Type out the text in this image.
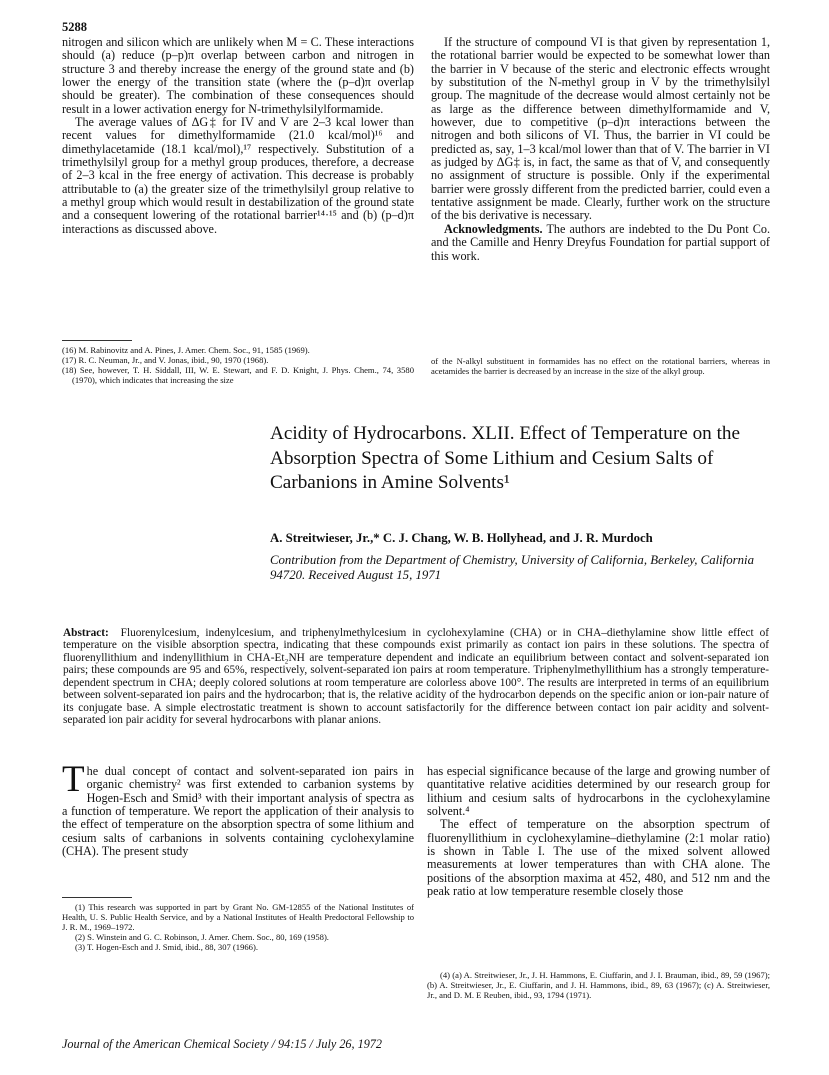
5288

nitrogen and silicon which are unlikely when M = C. These interactions should (a) reduce (p–p)π overlap between carbon and nitrogen in structure 3 and thereby increase the energy of the ground state and (b) lower the energy of the transition state (where the (p–d)π overlap should be greater). The combination of these consequences should result in a lower activation energy for N-trimethylsilylformamide.

The average values of ΔG‡ for IV and V are 2–3 kcal lower than recent values for dimethylformamide (21.0 kcal/mol)¹⁶ and dimethylacetamide (18.1 kcal/mol),¹⁷ respectively. Substitution of a trimethylsilyl group for a methyl group produces, therefore, a decrease of 2–3 kcal in the free energy of activation. This decrease is probably attributable to (a) the greater size of the trimethylsilyl group relative to a methyl group which would result in destabilization of the ground state and a consequent lowering of the rotational barrier¹⁴·¹⁵ and (b) (p–d)π interactions as discussed above.

(16) M. Rabinovitz and A. Pines, J. Amer. Chem. Soc., 91, 1585 (1969).

(17) R. C. Neuman, Jr., and V. Jonas, ibid., 90, 1970 (1968).

(18) See, however, T. H. Siddall, III, W. E. Stewart, and F. D. Knight, J. Phys. Chem., 74, 3580 (1970), which indicates that increasing the size

If the structure of compound VI is that given by representation 1, the rotational barrier would be expected to be somewhat lower than the barrier in V because of the steric and electronic effects wrought by substitution of the N-methyl group in V by the trimethylsilyl group. The magnitude of the decrease would almost certainly not be as large as the difference between dimethylformamide and V, however, due to competitive (p–d)π interactions between the nitrogen and both silicons of VI. Thus, the barrier in VI could be predicted as, say, 1–3 kcal/mol lower than that of V. The barrier in VI as judged by ΔG‡ is, in fact, the same as that of V, and consequently no assignment of structure is possible. Only if the experimental barrier were grossly different from the predicted barrier, could even a tentative assignment be made. Clearly, further work on the structure of the bis derivative is necessary.

Acknowledgments. The authors are indebted to the Du Pont Co. and the Camille and Henry Dreyfus Foundation for partial support of this work.

of the N-alkyl substituent in formamides has no effect on the rotational barriers, whereas in acetamides the barrier is decreased by an increase in the size of the alkyl group.
Acidity of Hydrocarbons. XLII. Effect of Temperature on the Absorption Spectra of Some Lithium and Cesium Salts of Carbanions in Amine Solvents¹
A. Streitwieser, Jr.,* C. J. Chang, W. B. Hollyhead, and J. R. Murdoch
Contribution from the Department of Chemistry, University of California, Berkeley, California 94720. Received August 15, 1971
Abstract: Fluorenylcesium, indenylcesium, and triphenylmethylcesium in cyclohexylamine (CHA) or in CHA–diethylamine show little effect of temperature on the visible absorption spectra, indicating that these compounds exist primarily as contact ion pairs in these solutions. The spectra of fluorenyllithium and indenyllithium in CHA-Et₂NH are temperature dependent and indicate an equilibrium between contact and solvent-separated ion pairs; these compounds are 95 and 65%, respectively, solvent-separated ion pairs at room temperature. Triphenylmethyllithium has a strongly temperature-dependent spectrum in CHA; deeply colored solutions at room temperature are colorless above 100°. The results are interpreted in terms of an equilibrium between solvent-separated ion pairs and the hydrocarbon; that is, the relative acidity of the hydrocarbon depends on the specific anion or ion-pair nature of its conjugate base. A simple electrostatic treatment is shown to account satisfactorily for the difference between contact ion pair acidity and solvent-separated ion pair acidity for several hydrocarbons with planar anions.

The dual concept of contact and solvent-separated ion pairs in organic chemistry² was first extended to carbanion systems by Hogen-Esch and Smid³ with their important analysis of spectra as a function of temperature. We report the application of their analysis to the effect of temperature on the absorption spectra of some lithium and cesium salts of carbanions in solvents containing cyclohexylamine (CHA). The present study

(1) This research was supported in part by Grant No. GM-12855 of the National Institutes of Health, U. S. Public Health Service, and by a National Institutes of Health Predoctoral Fellowship to J. R. M., 1969–1972.

(2) S. Winstein and G. C. Robinson, J. Amer. Chem. Soc., 80, 169 (1958).

(3) T. Hogen-Esch and J. Smid, ibid., 88, 307 (1966).

has especial significance because of the large and growing number of quantitative relative acidities determined by our research group for lithium and cesium salts of hydrocarbons in the cyclohexylamine solvent.⁴

The effect of temperature on the absorption spectrum of fluorenyllithium in cyclohexylamine–diethylamine (2:1 molar ratio) is shown in Table I. The use of the mixed solvent allowed measurements at lower temperatures than with CHA alone. The positions of the absorption maxima at 452, 480, and 512 nm and the peak ratio at low temperature resemble closely those

(4) (a) A. Streitwieser, Jr., J. H. Hammons, E. Ciuffarin, and J. I. Brauman, ibid., 89, 59 (1967); (b) A. Streitwieser, Jr., E. Ciuffarin, and J. H. Hammons, ibid., 89, 63 (1967); (c) A. Streitwieser, Jr., and D. M. E Reuben, ibid., 93, 1794 (1971).

Journal of the American Chemical Society / 94:15 / July 26, 1972
